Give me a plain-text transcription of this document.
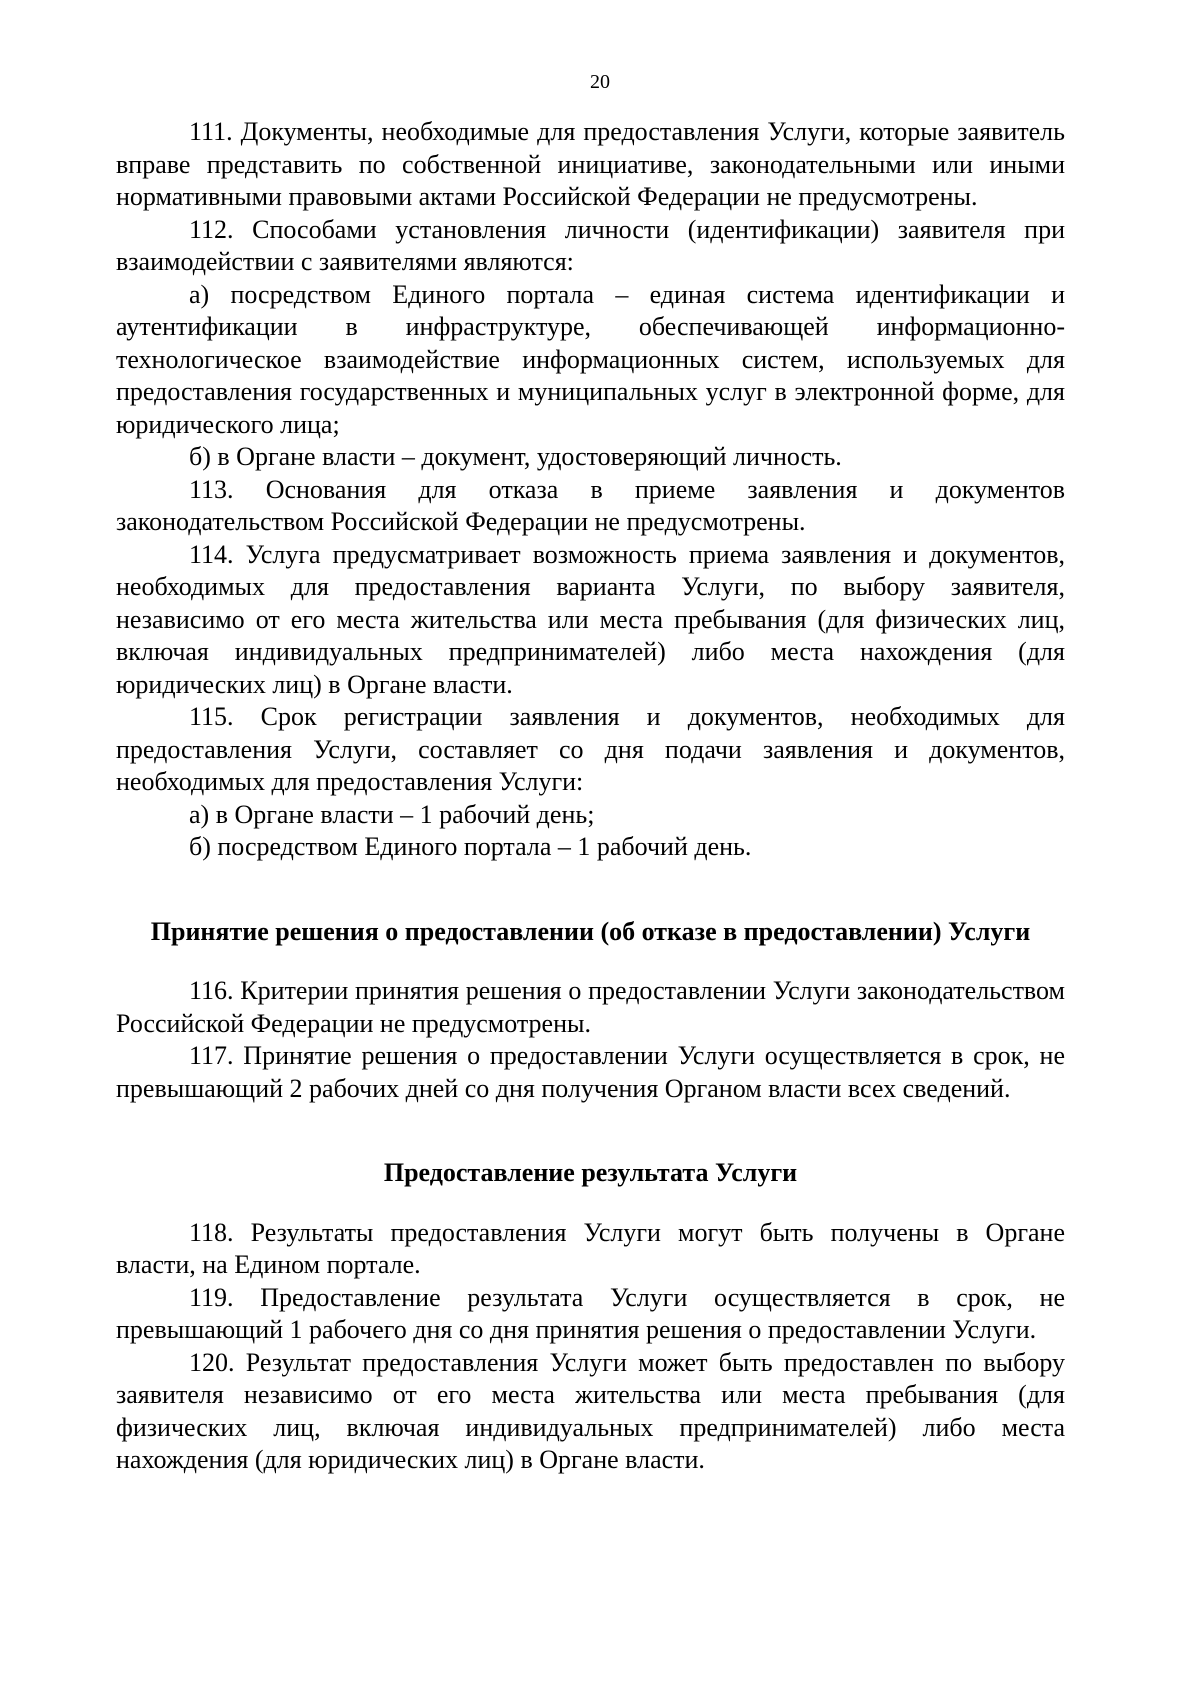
20

111. Документы, необходимые для предоставления Услуги, которые заявитель вправе представить по собственной инициативе, законодательными или иными нормативными правовыми актами Российской Федерации не предусмотрены.

112. Способами установления личности (идентификации) заявителя при взаимодействии с заявителями являются:

а) посредством Единого портала – единая система идентификации и аутентификации в инфраструктуре, обеспечивающей информационно-технологическое взаимодействие информационных систем, используемых для предоставления государственных и муниципальных услуг в электронной форме, для юридического лица;

б) в Органе власти – документ, удостоверяющий личность.

113. Основания для отказа в приеме заявления и документов законодательством Российской Федерации не предусмотрены.

114. Услуга предусматривает возможность приема заявления и документов, необходимых для предоставления варианта Услуги, по выбору заявителя, независимо от его места жительства или места пребывания (для физических лиц, включая индивидуальных предпринимателей) либо места нахождения (для юридических лиц) в Органе власти.

115. Срок регистрации заявления и документов, необходимых для предоставления Услуги, составляет со дня подачи заявления и документов, необходимых для предоставления Услуги:

а) в Органе власти – 1 рабочий день;

б) посредством Единого портала – 1 рабочий день.

Принятие решения о предоставлении (об отказе в предоставлении) Услуги

116. Критерии принятия решения о предоставлении Услуги законодательством Российской Федерации не предусмотрены.

117. Принятие решения о предоставлении Услуги осуществляется в срок, не превышающий 2 рабочих дней со дня получения Органом власти всех сведений.

Предоставление результата Услуги

118. Результаты предоставления Услуги могут быть получены в Органе власти, на Едином портале.

119. Предоставление результата Услуги осуществляется в срок, не превышающий 1 рабочего дня со дня принятия решения о предоставлении Услуги.

120. Результат предоставления Услуги может быть предоставлен по выбору заявителя независимо от его места жительства или места пребывания (для физических лиц, включая индивидуальных предпринимателей) либо места нахождения (для юридических лиц) в Органе власти.
